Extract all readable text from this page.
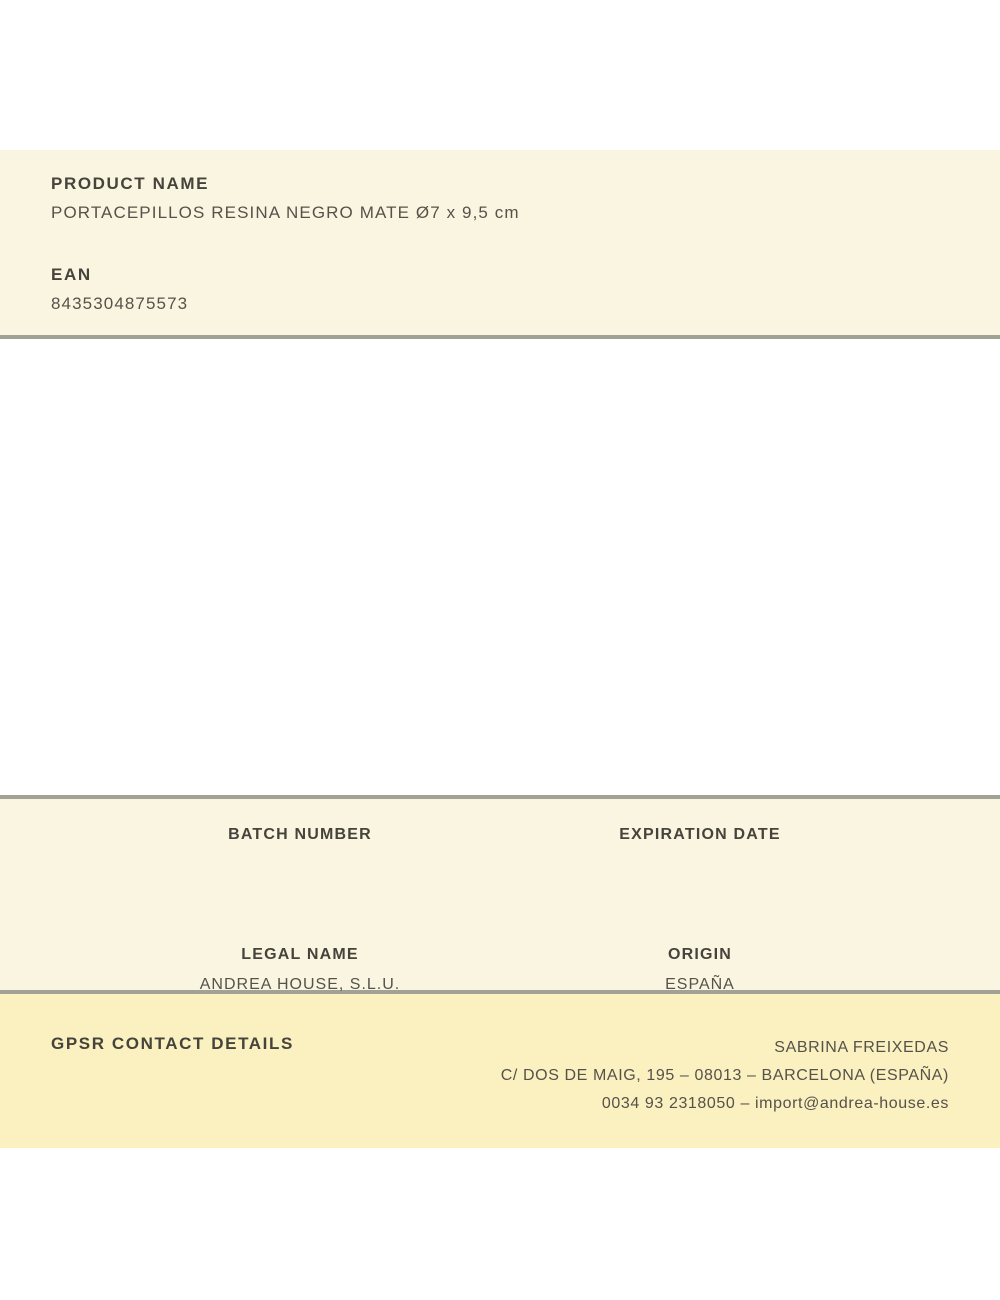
PRODUCT NAME
PORTACEPILLOS RESINA NEGRO MATE Ø7 x 9,5 cm
EAN
8435304875573
BATCH NUMBER	EXPIRATION DATE
LEGAL NAME
ANDREA HOUSE, S.L.U.
ORIGIN
ESPAÑA
GPSR CONTACT DETAILS	SABRINA FREIXEDAS
C/ DOS DE MAIG, 195 – 08013 – BARCELONA (ESPAÑA)
0034 93 2318050 – import@andrea-house.es
